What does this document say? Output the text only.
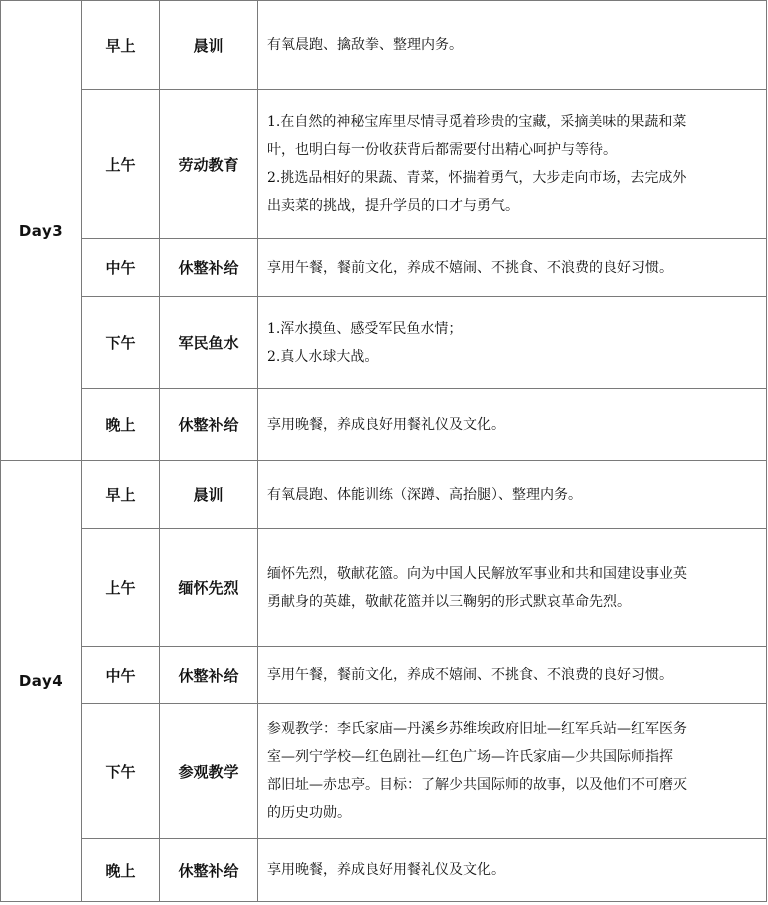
Day3	早上	晨训	有氧晨跑、擒敌拳、整理内务。

	上午	劳动教育	1.在自然的神秘宝库里尽情寻觅着珍贵的宝藏，采摘美味的果蔬和菜
叶，也明白每一份收获背后都需要付出精心呵护与等待。
2.挑选品相好的果蔬、青菜，怀揣着勇气，大步走向市场，去完成外
出卖菜的挑战，提升学员的口才与勇气。

	中午	休整补给	享用午餐，餐前文化，养成不嬉闹、不挑食、不浪费的良好习惯。

	下午	军民鱼水	1.浑水摸鱼、感受军民鱼水情；
2.真人水球大战。

	晚上	休整补给	享用晚餐，养成良好用餐礼仪及文化。

Day4	早上	晨训	有氧晨跑、体能训练（深蹲、高抬腿）、整理内务。

	上午	缅怀先烈	缅怀先烈，敬献花篮。向为中国人民解放军事业和共和国建设事业英
勇献身的英雄，敬献花篮并以三鞠躬的形式默哀革命先烈。

	中午	休整补给	享用午餐，餐前文化，养成不嬉闹、不挑食、不浪费的良好习惯。

	下午	参观教学	参观教学：李氏家庙—丹溪乡苏维埃政府旧址—红军兵站—红军医务
室—列宁学校—红色剧社—红色广场—许氏家庙—少共国际师指挥
部旧址—赤忠亭。目标：了解少共国际师的故事，以及他们不可磨灭
的历史功勋。

	晚上	休整补给	享用晚餐，养成良好用餐礼仪及文化。
